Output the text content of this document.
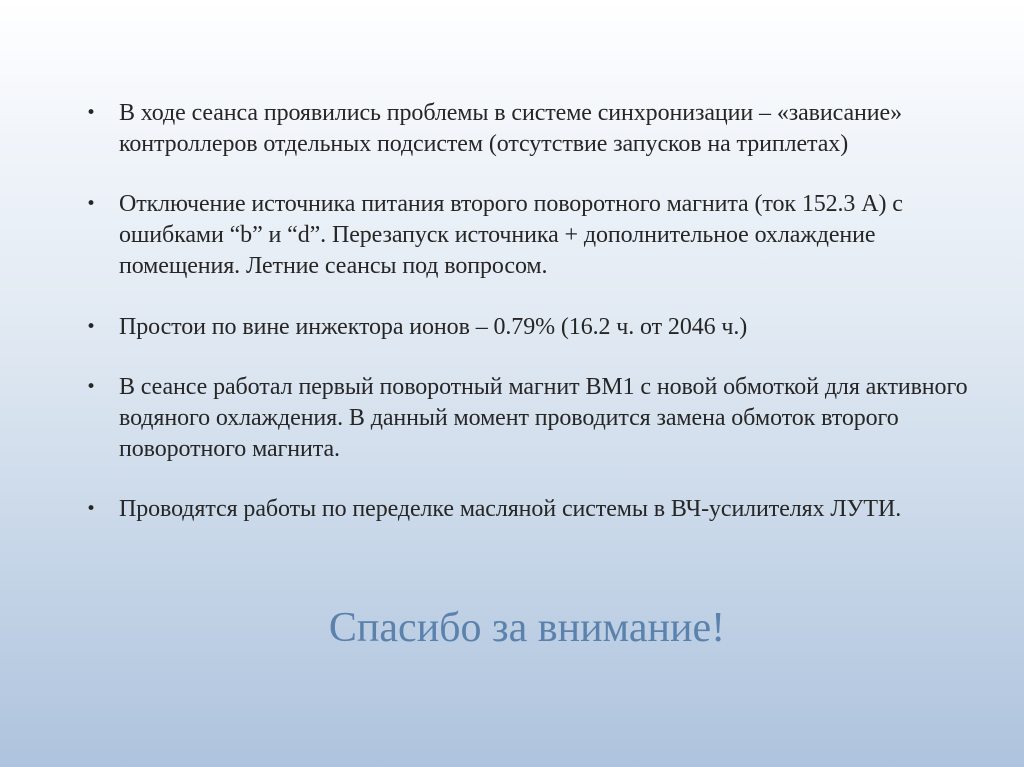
• В ходе сеанса проявились проблемы в системе синхронизации – «зависание» контроллеров отдельных подсистем (отсутствие запусков на триплетах)
• Отключение источника питания второго поворотного магнита (ток 152.3 А) с ошибками “b” и “d”. Перезапуск источника + дополнительное охлаждение помещения. Летние сеансы под вопросом.
• Простои по вине инжектора ионов – 0.79% (16.2 ч. от 2046 ч.)
• В сеансе работал первый поворотный магнит ВМ1 с новой обмоткой для активного водяного охлаждения. В данный момент проводится замена обмоток второго поворотного магнита.
• Проводятся работы по переделке масляной системы в ВЧ-усилителях ЛУТИ.
Спасибо за внимание!
